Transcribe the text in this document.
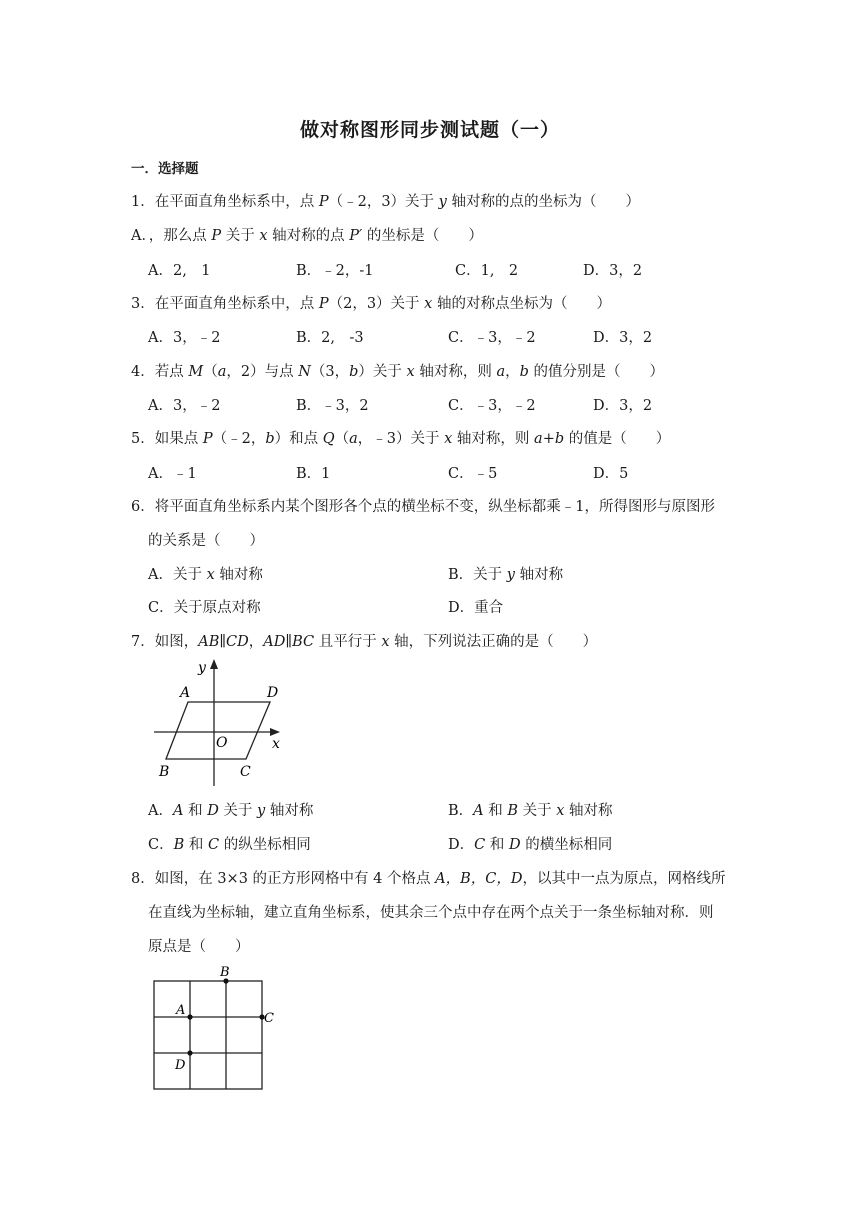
做对称图形同步测试题（一）
一．选择题
1．在平面直角坐标系中，点 P（﹣2，3）关于 y 轴对称的点的坐标为（　　）
A．，那么点 P 关于 x 轴对称的点 P′ 的坐标是（　　）
A．2,　1	B．﹣2，-1	C．1,　2	D．3，2
3．在平面直角坐标系中，点 P（2，3）关于 x 轴的对称点坐标为（　　）
A．3，﹣2	B．2,　-3	C．﹣3，﹣2	D．3，2
4．若点 M（a，2）与点 N（3，b）关于 x 轴对称，则 a，b 的值分别是（　　）
A．3，﹣2	B．﹣3，2	C．﹣3，﹣2	D．3，2
5．如果点 P（﹣2，b）和点 Q（a，﹣3）关于 x 轴对称，则 a+b 的值是（　　）
A．﹣1	B．1	C．﹣5	D．5
6．将平面直角坐标系内某个图形各个点的横坐标不变，纵坐标都乘﹣1，所得图形与原图形
的关系是（　　）
A．关于 x 轴对称	B．关于 y 轴对称
C．关于原点对称	D．重合
7．如图，AB∥CD，AD∥BC 且平行于 x 轴，下列说法正确的是（　　）
y
x
A	D
O
B	C
A．A 和 D 关于 y 轴对称	B．A 和 B 关于 x 轴对称
C．B 和 C 的纵坐标相同	D．C 和 D 的横坐标相同
8．如图，在 3×3 的正方形网格中有 4 个格点 A，B，C，D，以其中一点为原点，网格线所
在直线为坐标轴，建立直角坐标系，使其余三个点中存在两个点关于一条坐标轴对称．则
原点是（　　）
A
B
C
D
